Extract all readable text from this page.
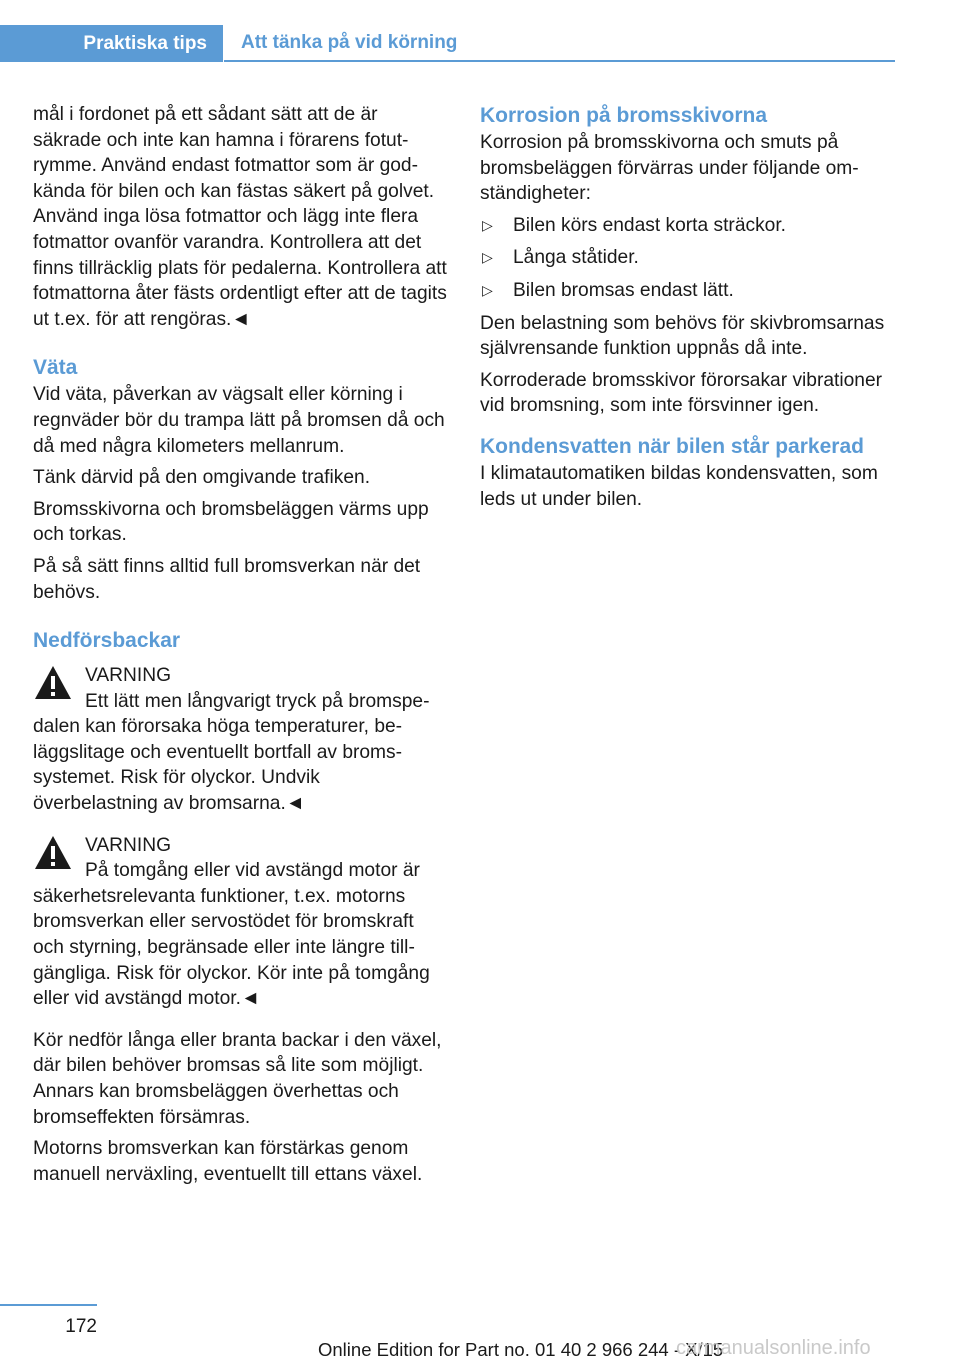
Praktiska tips Att tänka på vid körning

mål i fordonet på ett sådant sätt att de är säkrade och inte kan hamna i förarens fotutrymme. Använd endast fotmattor som är godkända för bilen och kan fästas säkert på golvet. Använd inga lösa fotmattor och lägg inte flera fotmattor ovanför varandra. Kontrollera att det finns tillräcklig plats för pedalerna. Kontrollera att fotmattorna åter fästs ordentligt efter att de tagits ut t.ex. för att rengöras.◄

Väta

Vid väta, påverkan av vägsalt eller körning i regnväder bör du trampa lätt på bromsen då och då med några kilometers mellanrum.

Tänk därvid på den omgivande trafiken.

Bromsskivorna och bromsbeläggen värms upp och torkas.

På så sätt finns alltid full bromsverkan när det behövs.

Nedförsbackar
VARNING
Ett lätt men långvarigt tryck på bromspedalen kan förorsaka höga temperaturer, beläggslitage och eventuellt bortfall av bromssystemet. Risk för olyckor. Undvik överbelastning av bromsarna.◄
VARNING
På tomgång eller vid avstängd motor är säkerhetsrelevanta funktioner, t.ex. motorns bromsverkan eller servostödet för bromskraft och styrning, begränsade eller inte längre tillgängliga. Risk för olyckor. Kör inte på tomgång eller vid avstängd motor.◄

Kör nedför långa eller branta backar i den växel, där bilen behöver bromsas så lite som möjligt. Annars kan bromsbeläggen överhettas och bromseffekten försämras.

Motorns bromsverkan kan förstärkas genom manuell nerväxling, eventuellt till ettans växel.

Korrosion på bromsskivorna

Korrosion på bromsskivorna och smuts på bromsbeläggen förvärras under följande omständigheter:

▷ Bilen körs endast korta sträckor.
▷ Långa ståtider.
▷ Bilen bromsas endast lätt.

Den belastning som behövs för skivbromsarnas självrensande funktion uppnås då inte.

Korroderade bromsskivor förorsakar vibrationer vid bromsning, som inte försvinner igen.

Kondensvatten när bilen står parkerad

I klimatautomatiken bildas kondensvatten, som leds ut under bilen.

172
Online Edition for Part no. 01 40 2 966 244 - X/15
carmanualsonline.info
